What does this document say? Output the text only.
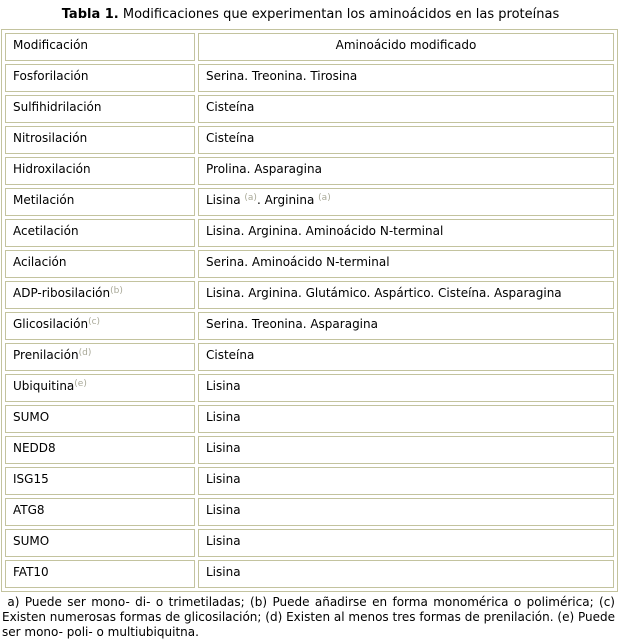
Tabla 1. Modificaciones que experimentan los aminoácidos en las proteínas
Modificación	Aminoácido modificado
Fosforilación	Serina. Treonina. Tirosina
Sulfihidrilación	Cisteína
Nitrosilación	Cisteína
Hidroxilación	Prolina. Asparagina
Metilación	Lisina $^{(a)}$. Arginina $^{(a)}$
Acetilación	Lisina. Arginina. Aminoácido N-terminal
Acilación	Serina. Aminoácido N-terminal
ADP-ribosilación$^{(b)}$	Lisina. Arginina. Glutámico. Aspártico. Cisteína. Asparagina
Glicosilación$^{(c)}$	Serina. Treonina. Asparagina
Prenilación$^{(d)}$	Cisteína
Ubiquitina$^{(e)}$	Lisina
SUMO	Lisina
NEDD8	Lisina
ISG15	Lisina
ATG8	Lisina
SUMO	Lisina
FAT10	Lisina
a) Puede ser mono- di- o trimetiladas; (b) Puede añadirse en forma monomérica o polimérica; (c) Existen numerosas formas de glicosilación; (d) Existen al menos tres formas de prenilación. (e) Puede ser mono- poli- o multiubiquitna.
